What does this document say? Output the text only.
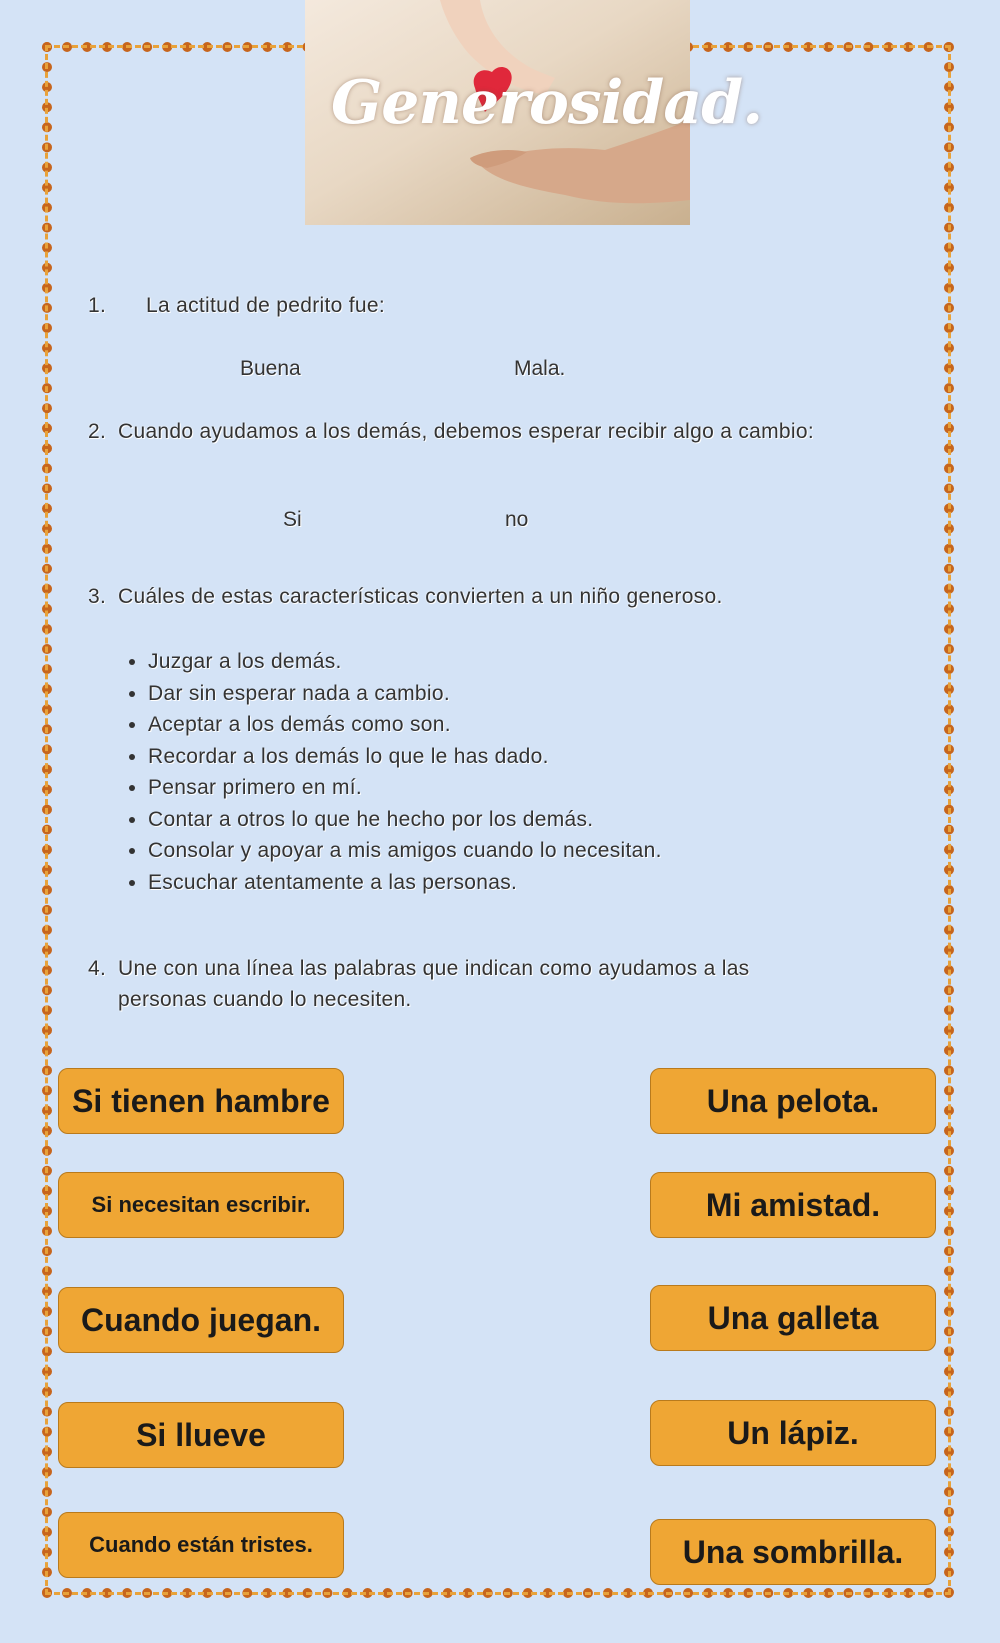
Generosidad.
1. La actitud de pedrito fue:
Buena	Mala.
2. Cuando ayudamos a los demás, debemos esperar recibir algo a cambio:
Si	no
3. Cuáles de estas características convierten a un niño generoso.
• Juzgar a los demás.
• Dar sin esperar nada a cambio.
• Aceptar a los demás como son.
• Recordar a los demás lo que le has dado.
• Pensar primero en mí.
• Contar a otros lo que he hecho por los demás.
• Consolar y apoyar a mis amigos cuando lo necesitan.
• Escuchar atentamente a las personas.
4. Une con una línea las palabras que indican como ayudamos a las
personas cuando lo necesiten.
Si tienen hambre
Si necesitan escribir.
Cuando juegan.
Si llueve
Cuando están tristes.
Una pelota.
Mi amistad.
Una galleta
Un lápiz.
Una sombrilla.
